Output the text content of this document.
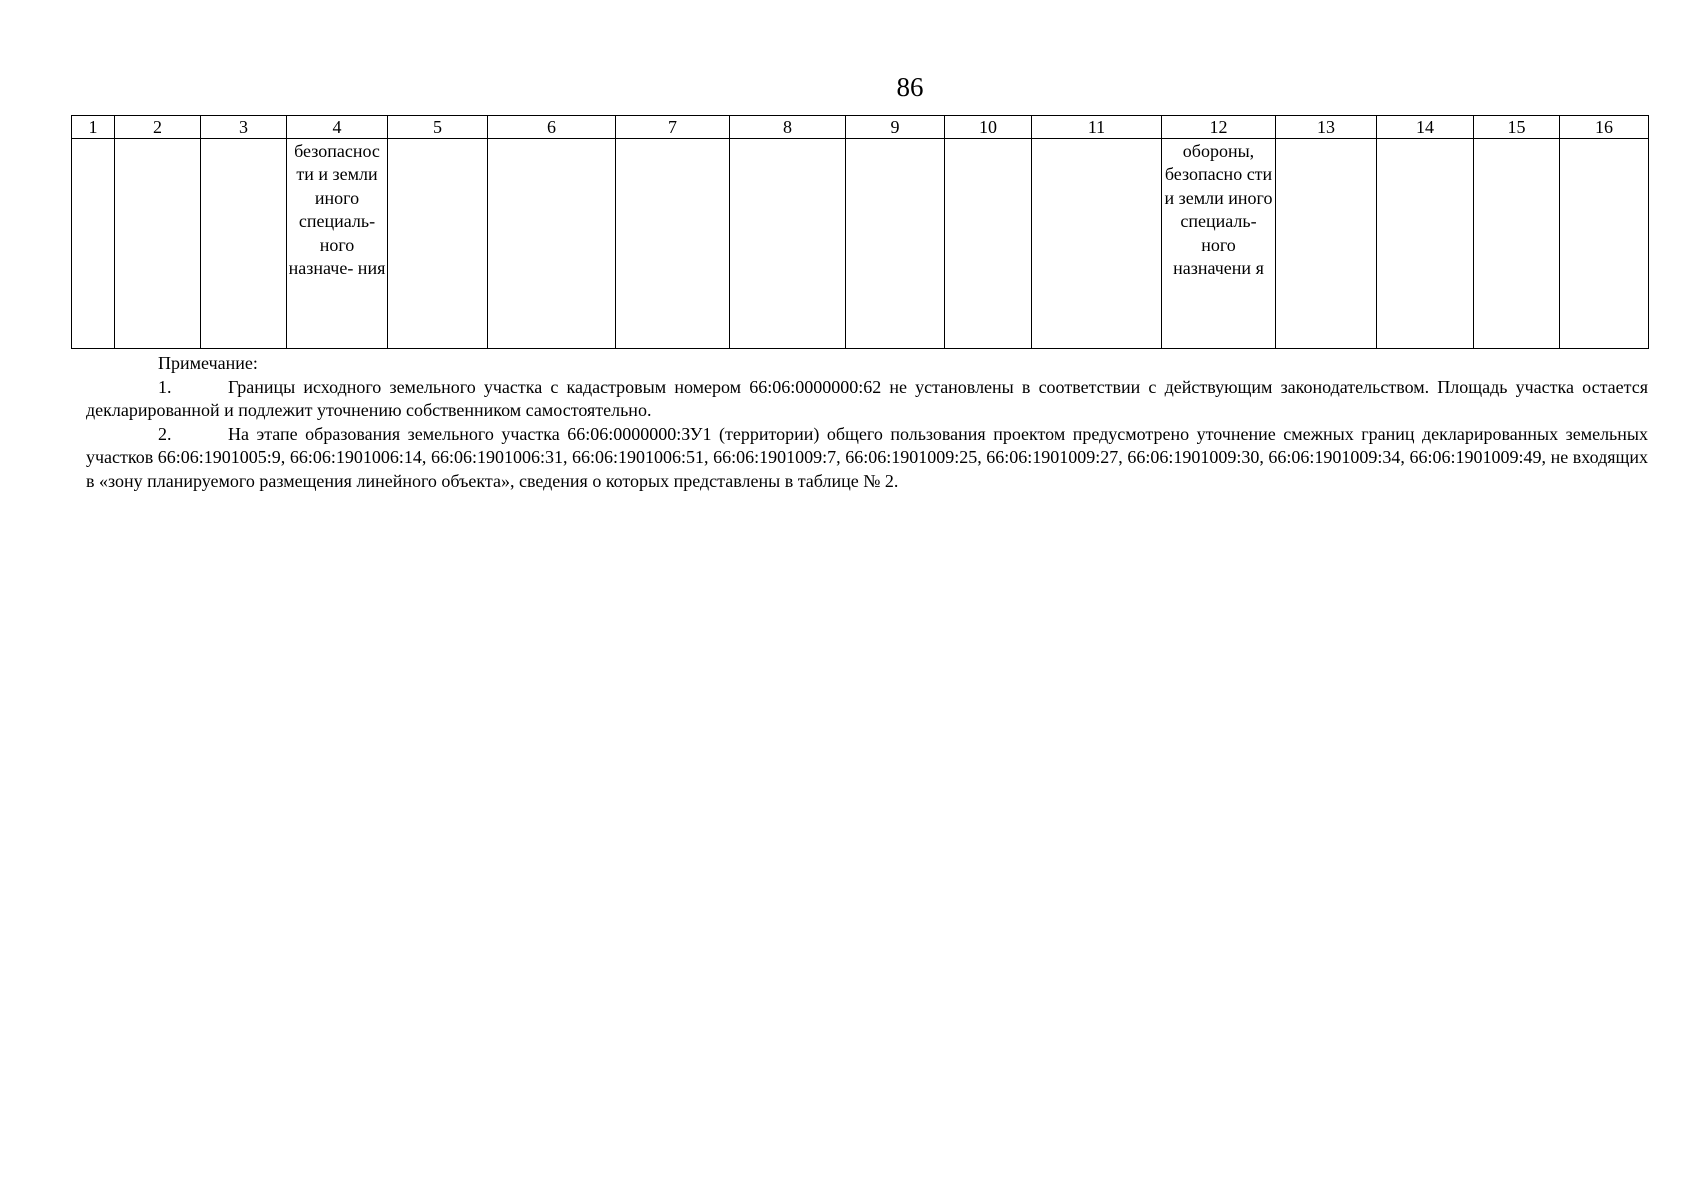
86
1	2	3	4	5	6	7	8	9	10	11	12	13	14	15	16

			безопаснос ти и земли иного специаль- ного назначе- ния								обороны, безопасно сти и земли иного специаль- ного назначени я				

Примечание:

1.	Границы исходного земельного участка с кадастровым номером 66:06:0000000:62 не установлены в соответствии с действующим законодательством. Площадь участка остается декларированной и подлежит уточнению собственником самостоятельно.

2.	На этапе образования земельного участка 66:06:0000000:ЗУ1 (территории) общего пользования проектом предусмотрено уточнение смежных границ декларированных земельных участков 66:06:1901005:9, 66:06:1901006:14, 66:06:1901006:31, 66:06:1901006:51, 66:06:1901009:7, 66:06:1901009:25, 66:06:1901009:27, 66:06:1901009:30, 66:06:1901009:34, 66:06:1901009:49, не входящих в «зону планируемого размещения линейного объекта», сведения о которых представлены в таблице № 2.
